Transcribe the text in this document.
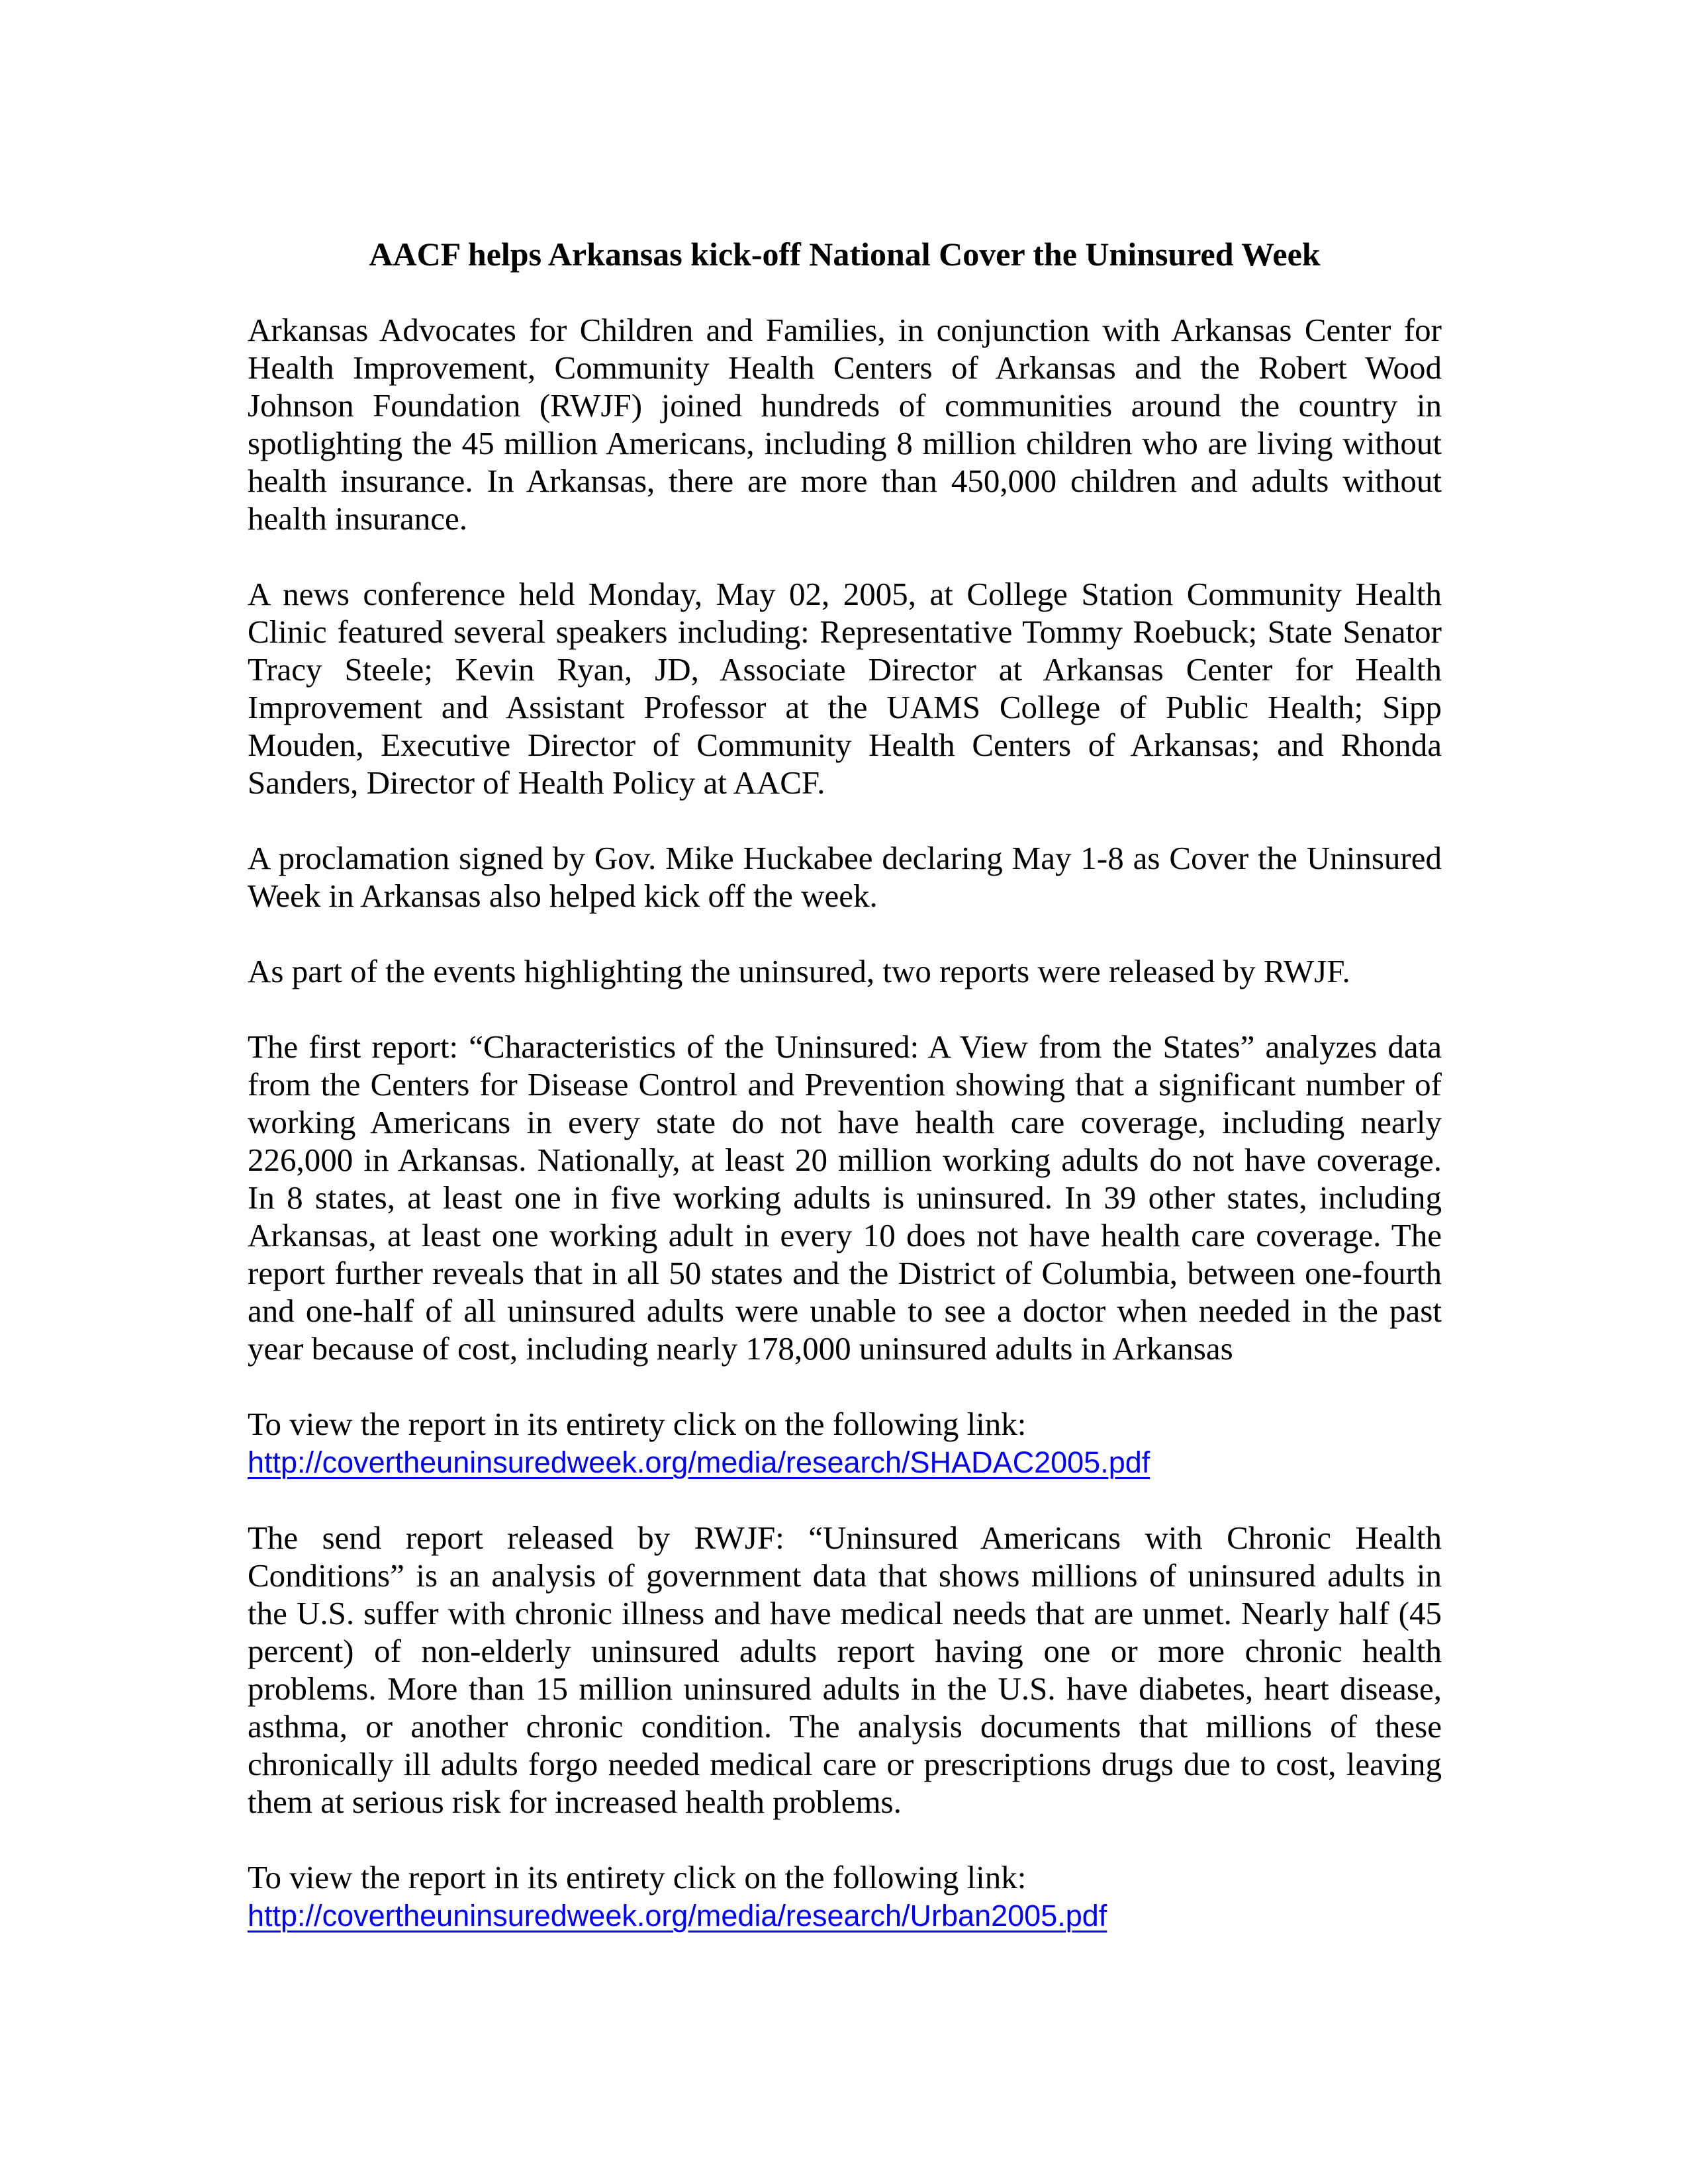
AACF helps Arkansas kick-off National Cover the Uninsured Week

Arkansas Advocates for Children and Families, in conjunction with Arkansas Center for Health Improvement, Community Health Centers of Arkansas and the Robert Wood Johnson Foundation (RWJF) joined hundreds of communities around the country in spotlighting the 45 million Americans, including 8 million children who are living without health insurance. In Arkansas, there are more than 450,000 children and adults without health insurance.

A news conference held Monday, May 02, 2005, at College Station Community Health Clinic featured several speakers including: Representative Tommy Roebuck; State Senator Tracy Steele; Kevin Ryan, JD, Associate Director at Arkansas Center for Health Improvement and Assistant Professor at the UAMS College of Public Health; Sipp Mouden, Executive Director of Community Health Centers of Arkansas; and Rhonda Sanders, Director of Health Policy at AACF.

A proclamation signed by Gov. Mike Huckabee declaring May 1-8 as Cover the Uninsured Week in Arkansas also helped kick off the week.

As part of the events highlighting the uninsured, two reports were released by RWJF.

The first report: “Characteristics of the Uninsured: A View from the States” analyzes data from the Centers for Disease Control and Prevention showing that a significant number of working Americans in every state do not have health care coverage, including nearly 226,000 in Arkansas. Nationally, at least 20 million working adults do not have coverage. In 8 states, at least one in five working adults is uninsured. In 39 other states, including Arkansas, at least one working adult in every 10 does not have health care coverage. The report further reveals that in all 50 states and the District of Columbia, between one-fourth and one-half of all uninsured adults were unable to see a doctor when needed in the past year because of cost, including nearly 178,000 uninsured adults in Arkansas

To view the report in its entirety click on the following link:

http://covertheuninsuredweek.org/media/research/SHADAC2005.pdf

The send report released by RWJF: “Uninsured Americans with Chronic Health Conditions” is an analysis of government data that shows millions of uninsured adults in the U.S. suffer with chronic illness and have medical needs that are unmet. Nearly half (45 percent) of non-elderly uninsured adults report having one or more chronic health problems. More than 15 million uninsured adults in the U.S. have diabetes, heart disease, asthma, or another chronic condition. The analysis documents that millions of these chronically ill adults forgo needed medical care or prescriptions drugs due to cost, leaving them at serious risk for increased health problems.

To view the report in its entirety click on the following link:

http://covertheuninsuredweek.org/media/research/Urban2005.pdf
